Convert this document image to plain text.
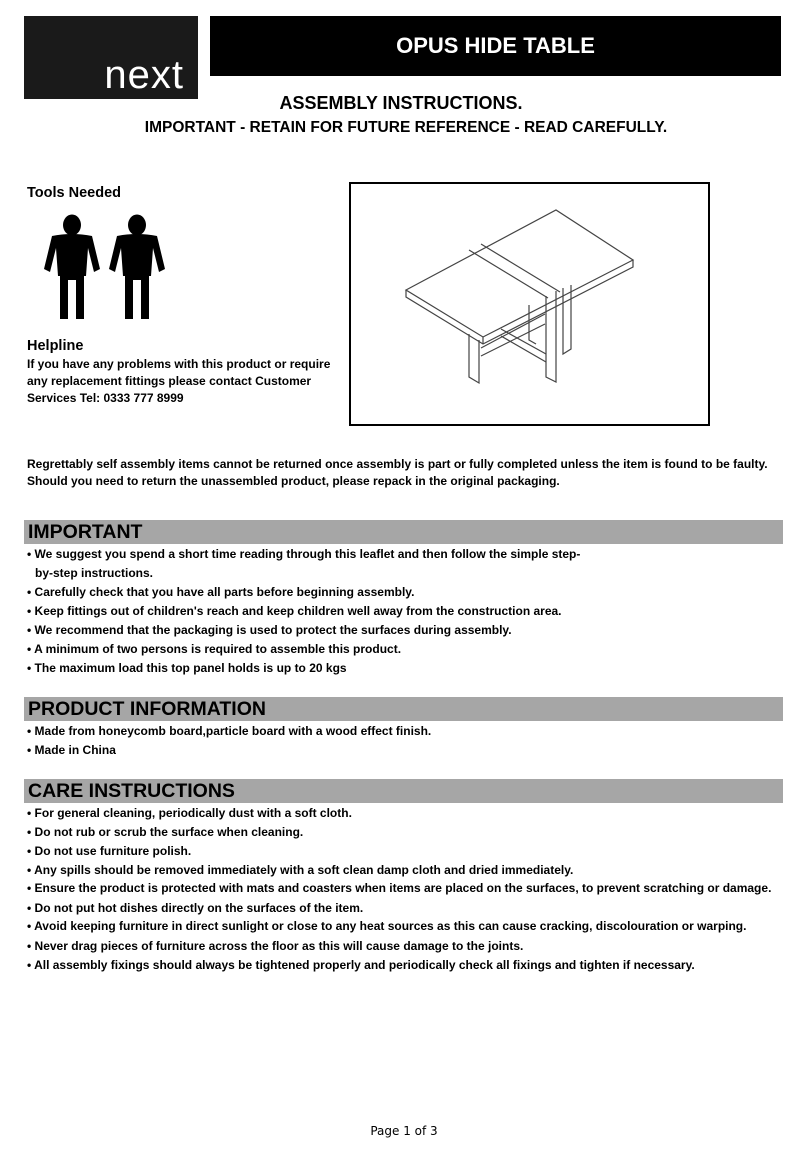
next
OPUS HIDE TABLE
ASSEMBLY INSTRUCTIONS.
IMPORTANT - RETAIN FOR FUTURE REFERENCE - READ CAREFULLY.
Tools Needed
Helpline
If you have any problems with this product or require
any replacement fittings please contact Customer
Services Tel: 0333 777 8999
Regrettably self assembly items cannot be returned once assembly is part or fully completed unless the item is found to be faulty. Should you need to return the unassembled product, please repack in the original packaging.
IMPORTANT
• We suggest you spend a short time reading through this leaflet and then follow the simple step-
by-step instructions.
• Carefully check that you have all parts before beginning assembly.
• Keep fittings out of children's reach and keep children well away from the construction area.
• We recommend that the packaging is used to protect the surfaces during assembly.
• A minimum of two persons is required to assemble this product.
• The maximum load this top panel holds is up to 20 kgs
PRODUCT INFORMATION
• Made from honeycomb board,particle board with a wood effect finish.
• Made in China
CARE INSTRUCTIONS
• For general cleaning, periodically dust with a soft cloth.
• Do not rub or scrub the surface when cleaning.
• Do not use furniture polish.
• Any spills should be removed immediately with a soft clean damp cloth and dried immediately.
• Ensure the product is protected with mats and coasters when items are placed on the surfaces, to prevent scratching or damage.
• Do not put hot dishes directly on the surfaces of the item.
• Avoid keeping furniture in direct sunlight or close to any heat sources as this can cause cracking, discolouration or warping.
• Never drag pieces of furniture across the floor as this will cause damage to the joints.
• All assembly fixings should always be tightened properly and periodically check all fixings and tighten if necessary.
Page 1 of 3
